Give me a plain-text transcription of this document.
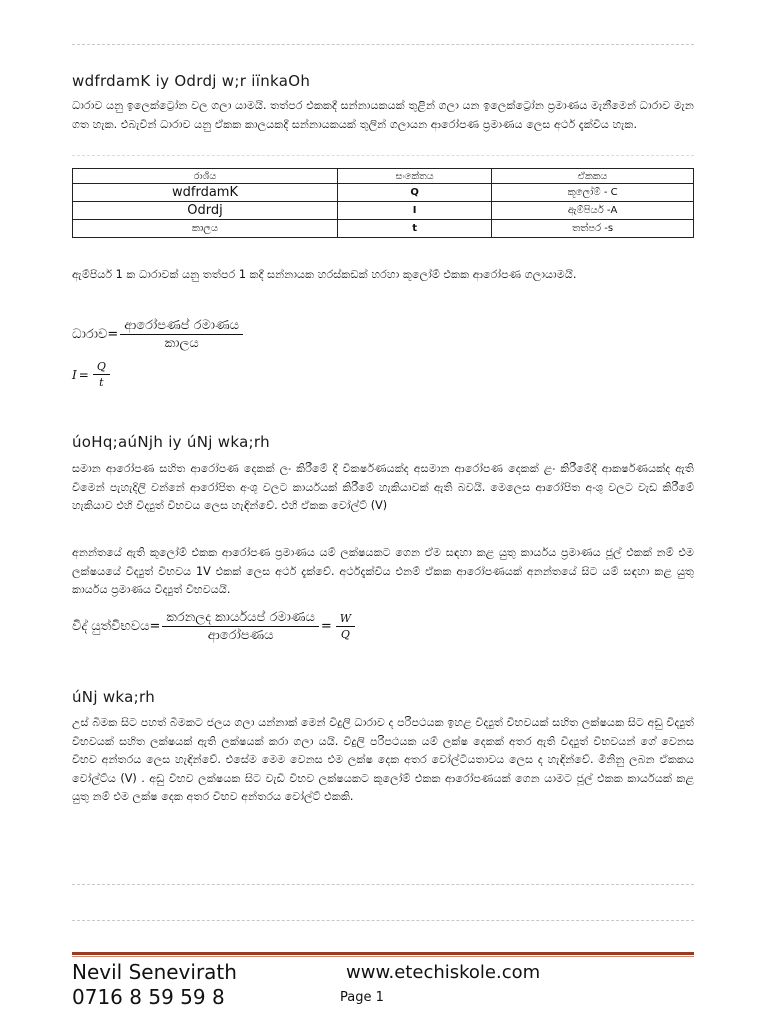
wdfrdamK iy Odrdj w;r iïnkaOh
ධාරාව යනු ඉලෙක්ට්‍රෝන වල ගලා යාමයි. තත්පර එකකදී සන්නායකයක් තුළින් ගලා යන ඉලෙක්ට්‍රෝන ප්‍රමාණය මැනීමෙන් ධාරාව මැන ගත හැක. එබැවින් ධාරාව යනු ඒකක කාලයකදී සන්නායකයක් තුලින් ගලායන ආරෝපණ ප්‍රමාණය ලෙස අර්ථ දැක්විය හැක.
රාශිය	සංකේතය	ඒකකය
wdfrdamK	Q	කූලෝම් - C
Odrdj	I	ඇම්පියර් -A
කාලය	t	තත්පර -s
ඇම්පියර් 1 ක ධාරාවක් යනු තත්පර 1 කදී සන්නායක හරස්කඩක් හරහා කූලෝම් එකක ආරෝපණ ගලායාමයි.
ධාරාව = $\frac{\text{ආරෝපණප් රමාණය}}{\text{කාලය}}$
$I = \frac{Q}{t}$
úoHq;aúNjh iy úNj wka;rh
සමාන ආරෝපණ සහිත ආරෝපණ දෙකක් ලං කිරීමේ දී විකර්ෂණයක්ද අසමාන ආරෝපණ දෙකක් ළං කිරීමේදී ආකර්ෂණයක්ද ඇති වීමෙන් පැහැදිලි වන්නේ ආරෝපිත අංශු වලට කාර්යයක් කිරීමේ හැකියාවක් ඇති බවයි. මෙලෙස ආරෝපිත අංශු වලට වැඩ කිරීමේ හැකියාව එහි විද්‍යුත් විභවය ලෙස හැඳින්වේ. එහි ඒකක වෝල්ට් (V)
අනන්තයේ ඇති කූලෝම් එකක ආරෝපණ ප්‍රමාණය යම් ලක්ෂයකට ගෙන ඒම සඳහා කළ යුතු කාර්යය ප්‍රමාණය ජූල් එකක් නම් එම ලක්ෂයයේ විද්‍යුත් විභවය 1V එකක් ලෙස අර්ථ දැක්වේ. අර්ථදැක්විය එනම් ඒකක ආරෝපණයක් අනන්තයේ සිට යම් සඳහා කළ යුතු කාර්යය ප්‍රමාණය විද්‍යුත් විභවයයි.
විද් යුත්විභවය = $\frac{\text{කරනලද කාර්යයප් රමාණය}}{\text{ආරෝපණය}} = \frac{W}{Q}$
úNj wka;rh
උස් බිමක සිට පහත් බිමකට ජලය ගලා යන්නාක් මෙන් විදුලි ධාරාව ද පරිපථයක ඉහළ විද්‍යුත් විභවයක් සහිත ලක්ෂයක සිට අඩු විද්‍යුත් විභවයක් සහිත ලක්ෂයක් ඇති ලක්ෂයක් කරා ගලා යයි. විදුලි පරිපථයක යම් ලක්ෂ දෙකක් අතර ඇති විද්‍යුත් විභවයන් ගේ වෙනස විභව අන්තරය ලෙස හැඳින්වේ. එසේම මෙම වෙනස එම ලක්ෂ දෙක අතර වෝල්ටීයතාවය ලෙස ද හැඳින්වේ. මිනිනු ලබන ඒකකය වෝල්ට්ය (V) . අඩු විභව ලක්ෂයක සිට වැඩි විභව ලක්ෂයකට කූලෝම් එකක ආරෝපණයක් ගෙන යාමට ජූල් එකක කාර්යයක් කළ යුතු නම් එම ලක්ෂ දෙක අතර විභව අන්තරය වෝල්ට් එකකි.
Nevil Senevirath	www.etechiskole.com
0716 8 59 59 8	Page 1
